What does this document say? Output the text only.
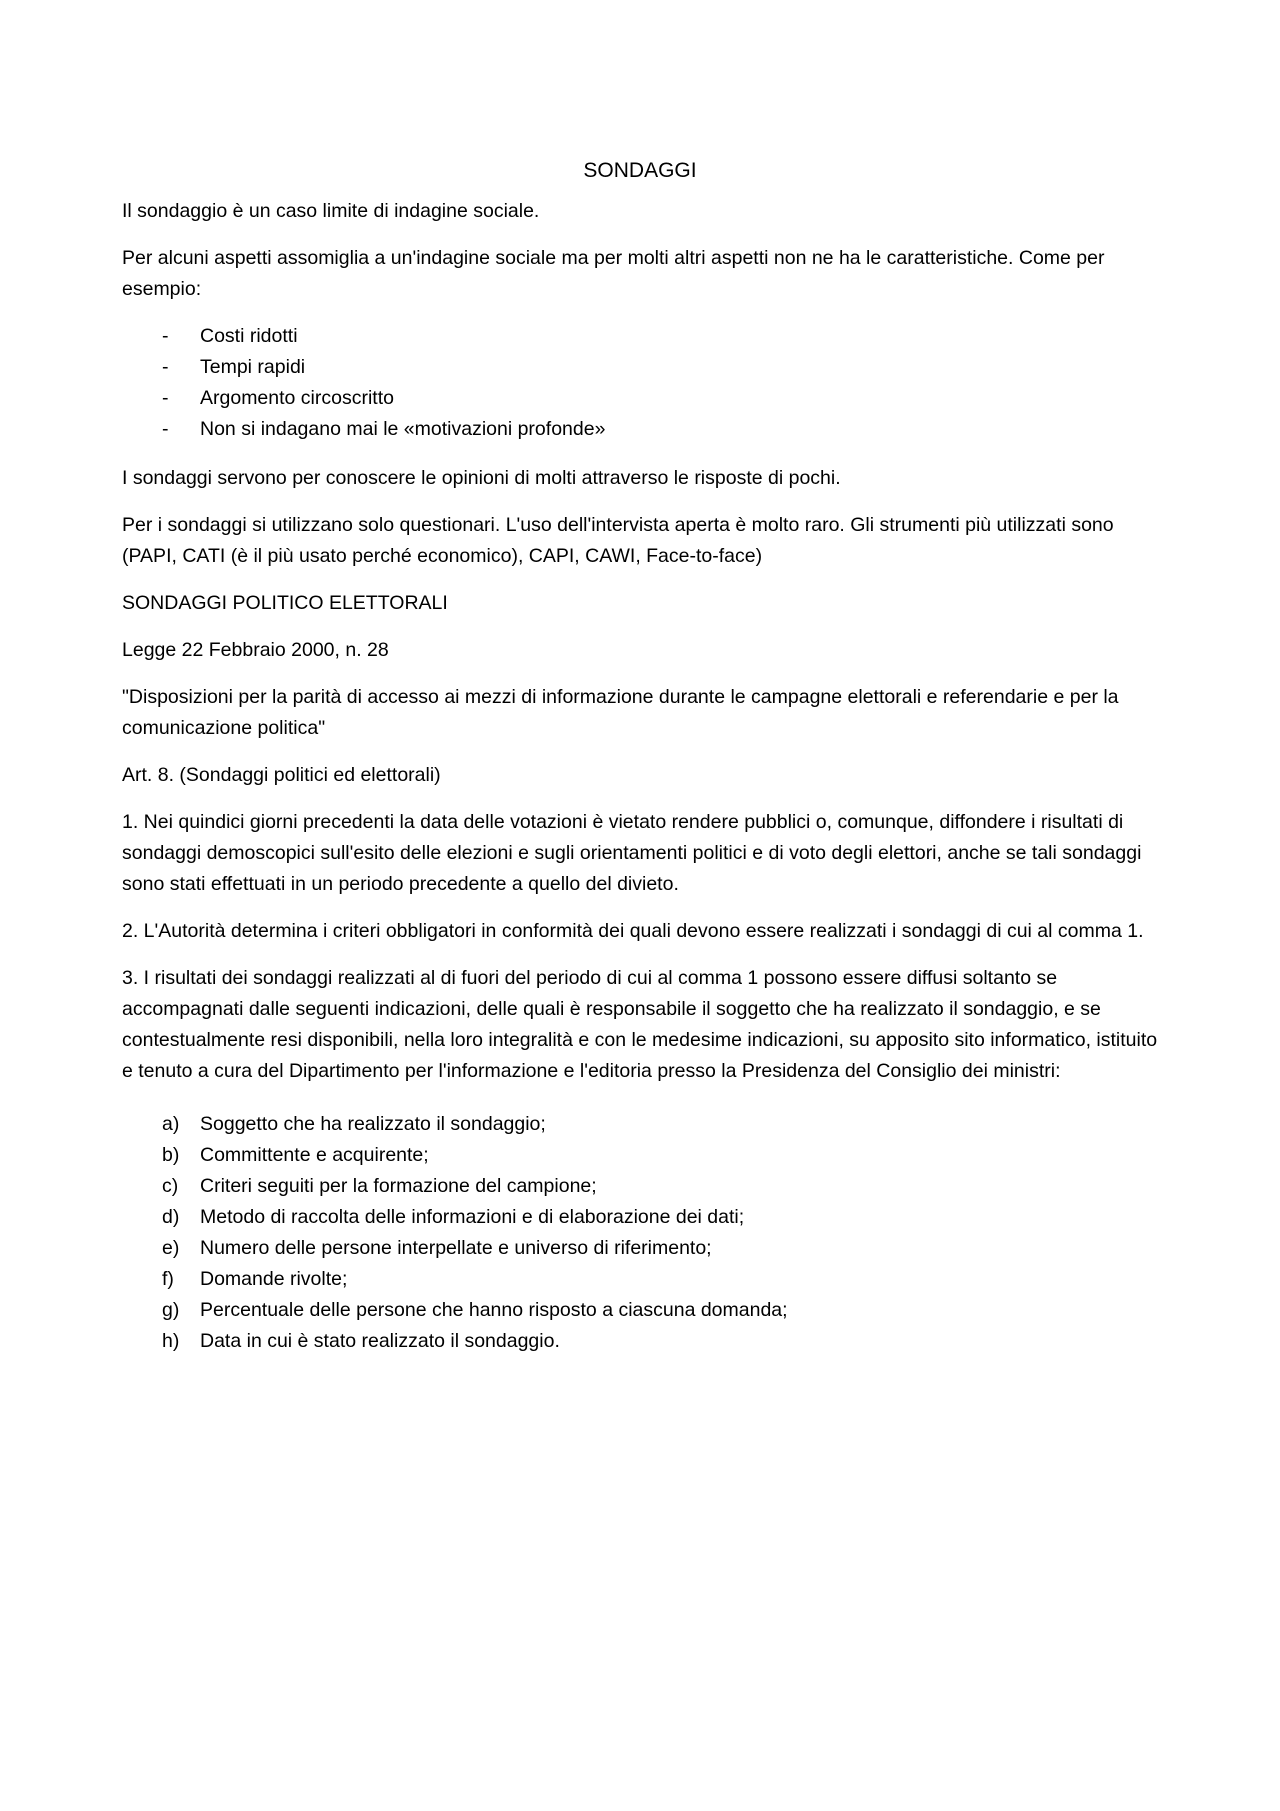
SONDAGGI

Il sondaggio è un caso limite di indagine sociale.

Per alcuni aspetti assomiglia a un'indagine sociale ma per molti altri aspetti non ne ha le caratteristiche. Come per esempio:

- Costi ridotti
- Tempi rapidi
- Argomento circoscritto
- Non si indagano mai le «motivazioni profonde»

I sondaggi servono per conoscere le opinioni di molti attraverso le risposte di pochi.

Per i sondaggi si utilizzano solo questionari. L'uso dell'intervista aperta è molto raro. Gli strumenti più utilizzati sono (PAPI, CATI (è il più usato perché economico), CAPI, CAWI, Face-to-face)

SONDAGGI POLITICO ELETTORALI

Legge 22 Febbraio 2000, n. 28

"Disposizioni per la parità di accesso ai mezzi di informazione durante le campagne elettorali e referendarie e per la comunicazione politica"

Art. 8. (Sondaggi politici ed elettorali)

1. Nei quindici giorni precedenti la data delle votazioni è vietato rendere pubblici o, comunque, diffondere i risultati di sondaggi demoscopici sull'esito delle elezioni e sugli orientamenti politici e di voto degli elettori, anche se tali sondaggi sono stati effettuati in un periodo precedente a quello del divieto.

2. L'Autorità determina i criteri obbligatori in conformità dei quali devono essere realizzati i sondaggi di cui al comma 1.

3. I risultati dei sondaggi realizzati al di fuori del periodo di cui al comma 1 possono essere diffusi soltanto se accompagnati dalle seguenti indicazioni, delle quali è responsabile il soggetto che ha realizzato il sondaggio, e se contestualmente resi disponibili, nella loro integralità e con le medesime indicazioni, su apposito sito informatico, istituito e tenuto a cura del Dipartimento per l'informazione e l'editoria presso la Presidenza del Consiglio dei ministri:

a) Soggetto che ha realizzato il sondaggio;
b) Committente e acquirente;
c) Criteri seguiti per la formazione del campione;
d) Metodo di raccolta delle informazioni e di elaborazione dei dati;
e) Numero delle persone interpellate e universo di riferimento;
f) Domande rivolte;
g) Percentuale delle persone che hanno risposto a ciascuna domanda;
h) Data in cui è stato realizzato il sondaggio.
